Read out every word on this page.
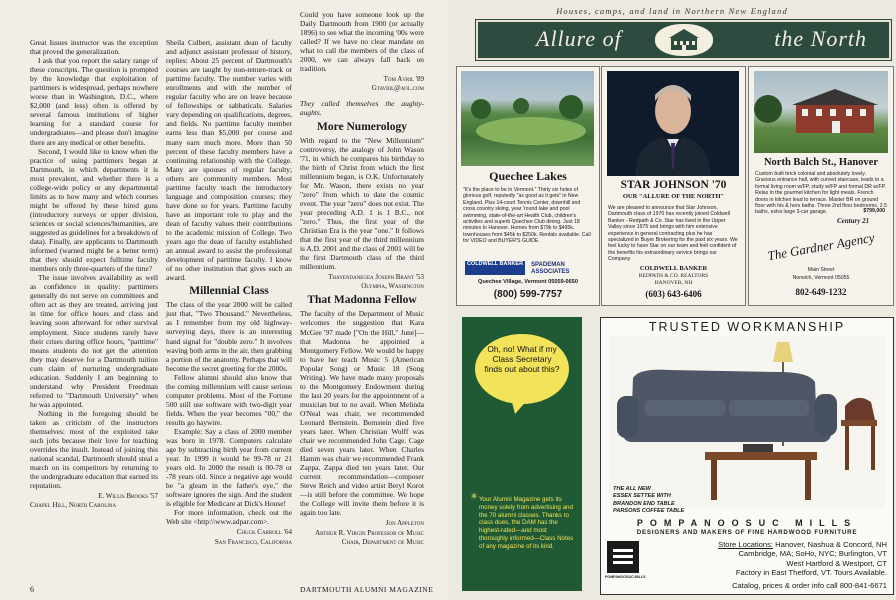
Great Issues instructor was the exception that proved the generalization.

I ask that you report the salary range of these conscripts. The question is prompted by the knowledge that exploitation of parttimers is widespread, perhaps nowhere worse than in Washington, D.C., where $2,000 (and less) often is offered by several famous institutions of higher learning for a standard course for undergraduates—and please don't imagine there are any medical or other benefits.

Second, I would like to know when the practice of using parttimers began at Dartmouth, in which departments it is most prevalent, and whether there is a college-wide policy or any departmental limits as to how many and which courses might be offered by these hired guns (introductory surveys or upper division, sciences or social sciences/humanities, are suggested as guidelines for a breakdown of data). Finally, are applicants to Dartmouth informed (warned might be a better term) that they should expect fulltime faculty members only three-quarters of the time?

The issue involves availability as well as confidence in quality: parttimers generally do not serve on committees and often act as they are treated, arriving just in time for office hours and class and leaving soon afterward for other survival employment. Since students rarely have their crises during office hours, "parttime" means students do not get the attention they may deserve for a Dartmouth tuition cum claim of nurturing undergraduate education. Suddenly I am beginning to understand why President Freedman referred to "Dartmouth University" when he was appointed.

Nothing in the foregoing should be taken as criticism of the instructors themselves: most of the exploited take such jobs because their love for teaching overrides the insult. Instead of joining this national scandal, Dartmouth should steal a march on its competitors by returning to the undergraduate education that earned its reputation.

E. Willis Brooks '57
Chapel Hill, North Carolina

Sheila Culbert, assistant dean of faculty and adjunct assistant professor of history, replies: About 25 percent of Dartmouth's courses are taught by non-tenure-track or parttime faculty. The number varies with enrollments and with the number of regular faculty who are on leave because of fellowships or sabbaticals. Salaries vary depending on qualifications, degrees, and fields. No parttime faculty member earns less than $5,000 per course and many earn much more. More than 50 percent of these faculty members have a continuing relationship with the College. Many are spouses of regular faculty; others are community members. Most parttime faculty teach the introductory language and composition courses; they have done so for years. Parttime faculty have an important role to play and the dean of faculty values their contributions to the academic mission of College. Two years ago the dean of faculty established an annual award to assist the professional development of parttime faculty. I know of no other institution that gives such an award.

Millennial Class

The class of the year 2000 will be called just that, "Two Thousand." Nevertheless, as I remember from my old highway-surveying days, there is an interesting hand signal for "double zero." It involves waving both arms in the air, then grabbing a portion of the anatomy. Perhaps that will become the secret greeting for the 2000s.

Fellow alumni should also know that the coming millennium will cause serious computer problems. Most of the Fortune 500 still use software with two-digit year fields. When the year becomes "00," the results go haywire.

Example: Say a class of 2000 member was born in 1978. Computers calculate age by subtracting birth year from current year. In 1999 it would be 99-78 or 21 years old. In 2000 the result is 00-78 or -78 years old. Since a negative age would be "a gleam in the father's eye," the software ignores the sign. And the student is eligible for Medicare at Dick's House!

For more information, check out the Web site <http:\\www.adpar.com>.

Chuck Carroll '64
San Francisco, California

Could you have someone look up the Daily Dartmouth from 1900 (or actually 1896) to see what the incoming '00s were called? If we have no clear mandate on what to call the members of the class of 2000, we can always fall back on tradition.

Tom Avril '89
Gtavril@aol.com

They called themselves the aughty-aughts.

More Numerology

With regard to the "New Millennium" controversy, the analogy of John Wason '71, in which he compares his birthday to the birth of Christ from which the first millennium began, is O.K. Unfortunately for Mr. Wason, there exists no year "zero" from which to date the cosmic event. The year "zero" does not exist. The year preceding A.D. 1 is 1 B.C., not "zero." Thus, the first year of the Christian Era is the year "one." It follows that the first year of the third millennium is A.D. 2001 and the class of 2001 will be the first Dartmouth class of the third millennium.

Thayendanegea Joseph Brant '53
Olympia, Washington
That Madonna Fellow

The faculty of the Department of Music welcomes the suggestion that Kara McGee '97 made ["On the Hill," June]—that Madonna be appointed a Montgomery Fellow. We would be happy to have her teach Music 5 (American Popular Song) or Music 18 (Song Writing). We have made many proposals to the Montgomery Endowment during the last 20 years for the appointment of a musician but to no avail. When Melinda O'Neal was chair, we recommended Leonard Bernstein. Bernstein died five years later. When Christian Wolff was chair we recommended John Cage. Cage died seven years later. When Charles Hamm was chair we recommended Frank Zappa. Zappa died ten years later. Our current recommendation—composer Steve Reich and video artist Beryl Korot—is still before the committee. We hope the College will invite them before it is again too late.

Jon Appleton
Arthur R. Virgin Professor of Music
Chair, Department of Music
6	DARTMOUTH ALUMNI MAGAZINE
Houses, camps, and land in Northern New England
Allure of	the North
Quechee Lakes
"It's the place to be in Vermont." Thirty six holes of glorious golf, reputedly "as good as it gets" in New England. Plus 14-court Tennis Center, downhill and cross country skiing, year 'round lake and pool swimming, state-of-the-art Health Club, children's activities and superb Quechee Club dining. Just 18 minutes to Hanover. Homes from $79k to $495k, townhouses from $45k to $250k. Rentals available. Call for VIDEO and BUYER'S GUIDE.
COLDWELL BANKER	SPADEMAN ASSOCIATES
Quechee Village, Vermont 05059-0650
(800) 599-7757
STAR JOHNSON '70
OUR "ALLURE OF THE NORTH"
We are pleased to announce that Star Johnson, Dartmouth class of 1970 has recently joined Coldwell Banker - Redpath & Co. Star has lived in the Upper Valley since 1975 and brings with him extensive experience in general contracting plus he has specialized in Buyer Brokering for the past six years. We feel lucky to have Star on our team and feel confident of the benefits his extraordinary service brings our Company
COLDWELL BANKER
REDPATH & CO. REALTORS
HANOVER, NH
(603) 643-6406
North Balch St., Hanover
Custom built brick colonial and absolutely lovely. Gracious entrance hall, with curved staircase, leads to a formal living room w/FP, study w/FP and formal DR w/FP. Relax in the gourmet kitchen for light meals. French doors in kitchen lead to terrace. Master BR on ground floor with his & hers baths. Three 2nd floor bedrooms, 2.5 baths, extra large 3-car garage.	$799,000
Century 21
The Gardner Agency
Main Street
Norwich, Vermont 05055
802-649-1232
Oh, no! What if my Class Secretary finds out about this?
* Your Alumni Magazine gets its money solely from advertising and the 70 alumni classes. Thanks to class dues, the DAM has the highest-rated—and most thoroughly informed—Class Notes of any magazine of its kind.
TRUSTED WORKMANSHIP
THE ALL NEW
ESSEX SETTEE WITH
BRANDON END TABLE
PARSONS COFFEE TABLE
POMPANOOSUC MILLS
DESIGNERS AND MAKERS OF FINE HARDWOOD FURNITURE
POMPANOOSUC MILLS
Store Locations: Hanover, Nashua & Concord, NH
Cambridge, MA; SoHo, NYC; Burlington, VT
West Hartford & Westport, CT
Factory in East Thetford, VT. Tours Available.
Catalog, prices & order info call 800-841-6671
